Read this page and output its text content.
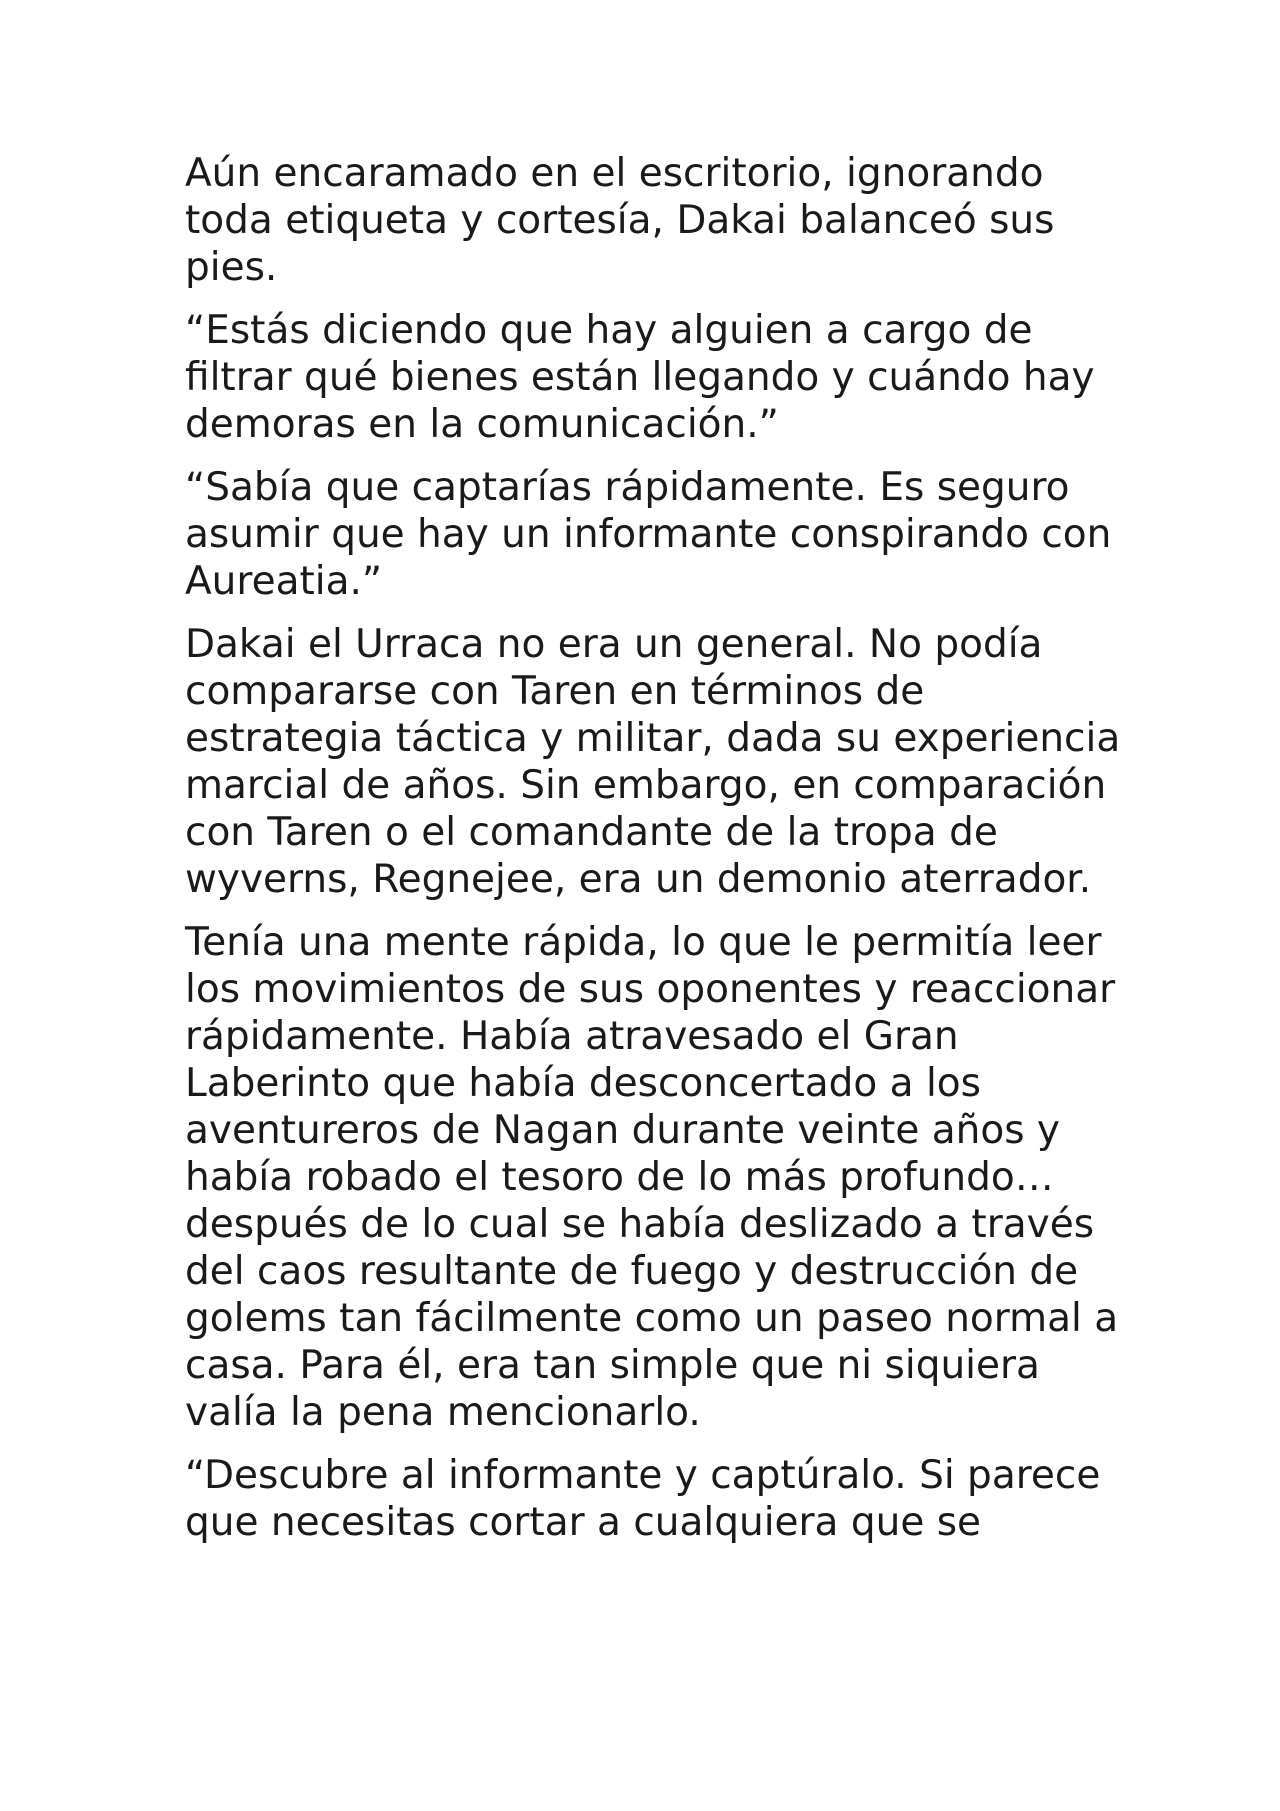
Aún encaramado en el escritorio, ignorando toda etiqueta y cortesía, Dakai balanceó sus pies.

“Estás diciendo que hay alguien a cargo de filtrar qué bienes están llegando y cuándo hay demoras en la comunicación.”

“Sabía que captarías rápidamente. Es seguro asumir que hay un informante conspirando con Aureatia.”

Dakai el Urraca no era un general. No podía compararse con Taren en términos de estrategia táctica y militar, dada su experiencia marcial de años. Sin embargo, en comparación con Taren o el comandante de la tropa de wyverns, Regnejee, era un demonio aterrador.

Tenía una mente rápida, lo que le permitía leer los movimientos de sus oponentes y reaccionar rápidamente. Había atravesado el Gran Laberinto que había desconcertado a los aventureros de Nagan durante veinte años y había robado el tesoro de lo más profundo… después de lo cual se había deslizado a través del caos resultante de fuego y destrucción de golems tan fácilmente como un paseo normal a casa. Para él, era tan simple que ni siquiera valía la pena mencionarlo.

“Descubre al informante y captúralo. Si parece que necesitas cortar a cualquiera que se
